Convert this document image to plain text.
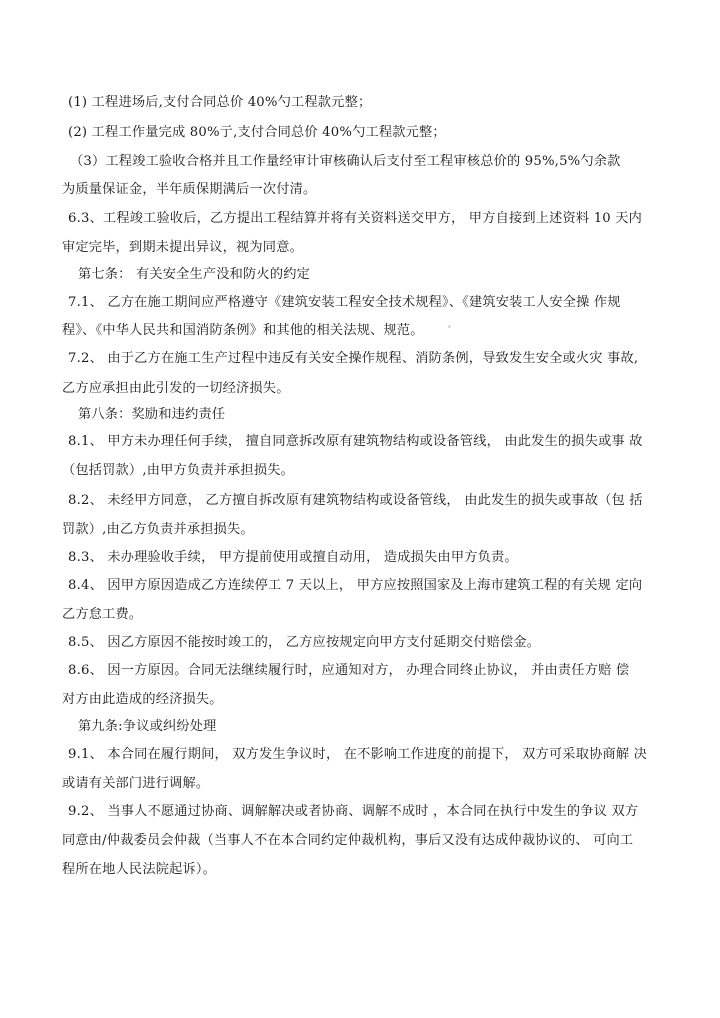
(1) 工程进场后,支付合同总价 40%勺工程款元整；
(2) 工程工作量完成 80%亍,支付合同总价 40%勺工程款元整；
（3）工程竣工验收合格并且工作量经审计审核确认后支付至工程审核总价的 95%,5%勺余款
为质量保证金，半年质保期满后一次付清。
6.3、工程竣工验收后，乙方提出工程结算并将有关资料送交甲方， 甲方自接到上述资料 10 天内
审定完毕，到期未提出异议，视为同意。
第七条： 有关安全生产没和防火的约定
7.1、 乙方在施工期间应严格遵守《建筑安装工程安全技术规程》、《建筑安装工人安全操 作规
程》、《中华人民共和国消防条例》和其他的相关法规、规范。
7.2、 由于乙方在施工生产过程中违反有关安全操作规程、消防条例，导致发生安全或火灾 事故,
乙方应承担由此引发的一切经济损失。
第八条：奖励和违约责任
8.1、 甲方未办理任何手续， 擅自同意拆改原有建筑物结构或设备管线， 由此发生的损失或事 故
（包括罚款）,由甲方负责并承担损失。
8.2、 未经甲方同意， 乙方擅自拆改原有建筑物结构或设备管线， 由此发生的损失或事故（包 括
罚款）,由乙方负责并承担损失。
8.3、 未办理验收手续， 甲方提前使用或擅自动用， 造成损失由甲方负责。
8.4、 因甲方原因造成乙方连续停工 7 天以上， 甲方应按照国家及上海市建筑工程的有关规 定向
乙方怠工费。
8.5、 因乙方原因不能按时竣工的， 乙方应按规定向甲方支付延期交付赔偿金。
8.6、 因一方原因。合同无法继续履行时，应通知对方， 办理合同终止协议， 并由责任方赔 偿
对方由此造成的经济损失。
第九条:争议或纠纷处理
9.1、 本合同在履行期间， 双方发生争议时， 在不影响工作进度的前提下， 双方可采取协商解 决
或请有关部门进行调解。
9.2、 当事人不愿通过协商、调解解决或者协商、调解不成时 ，本合同在执行中发生的争议 双方
同意由/仲裁委员会仲裁（当事人不在本合同约定仲裁机构，事后又没有达成仲裁协议的、 可向工
程所在地人民法院起诉）。
